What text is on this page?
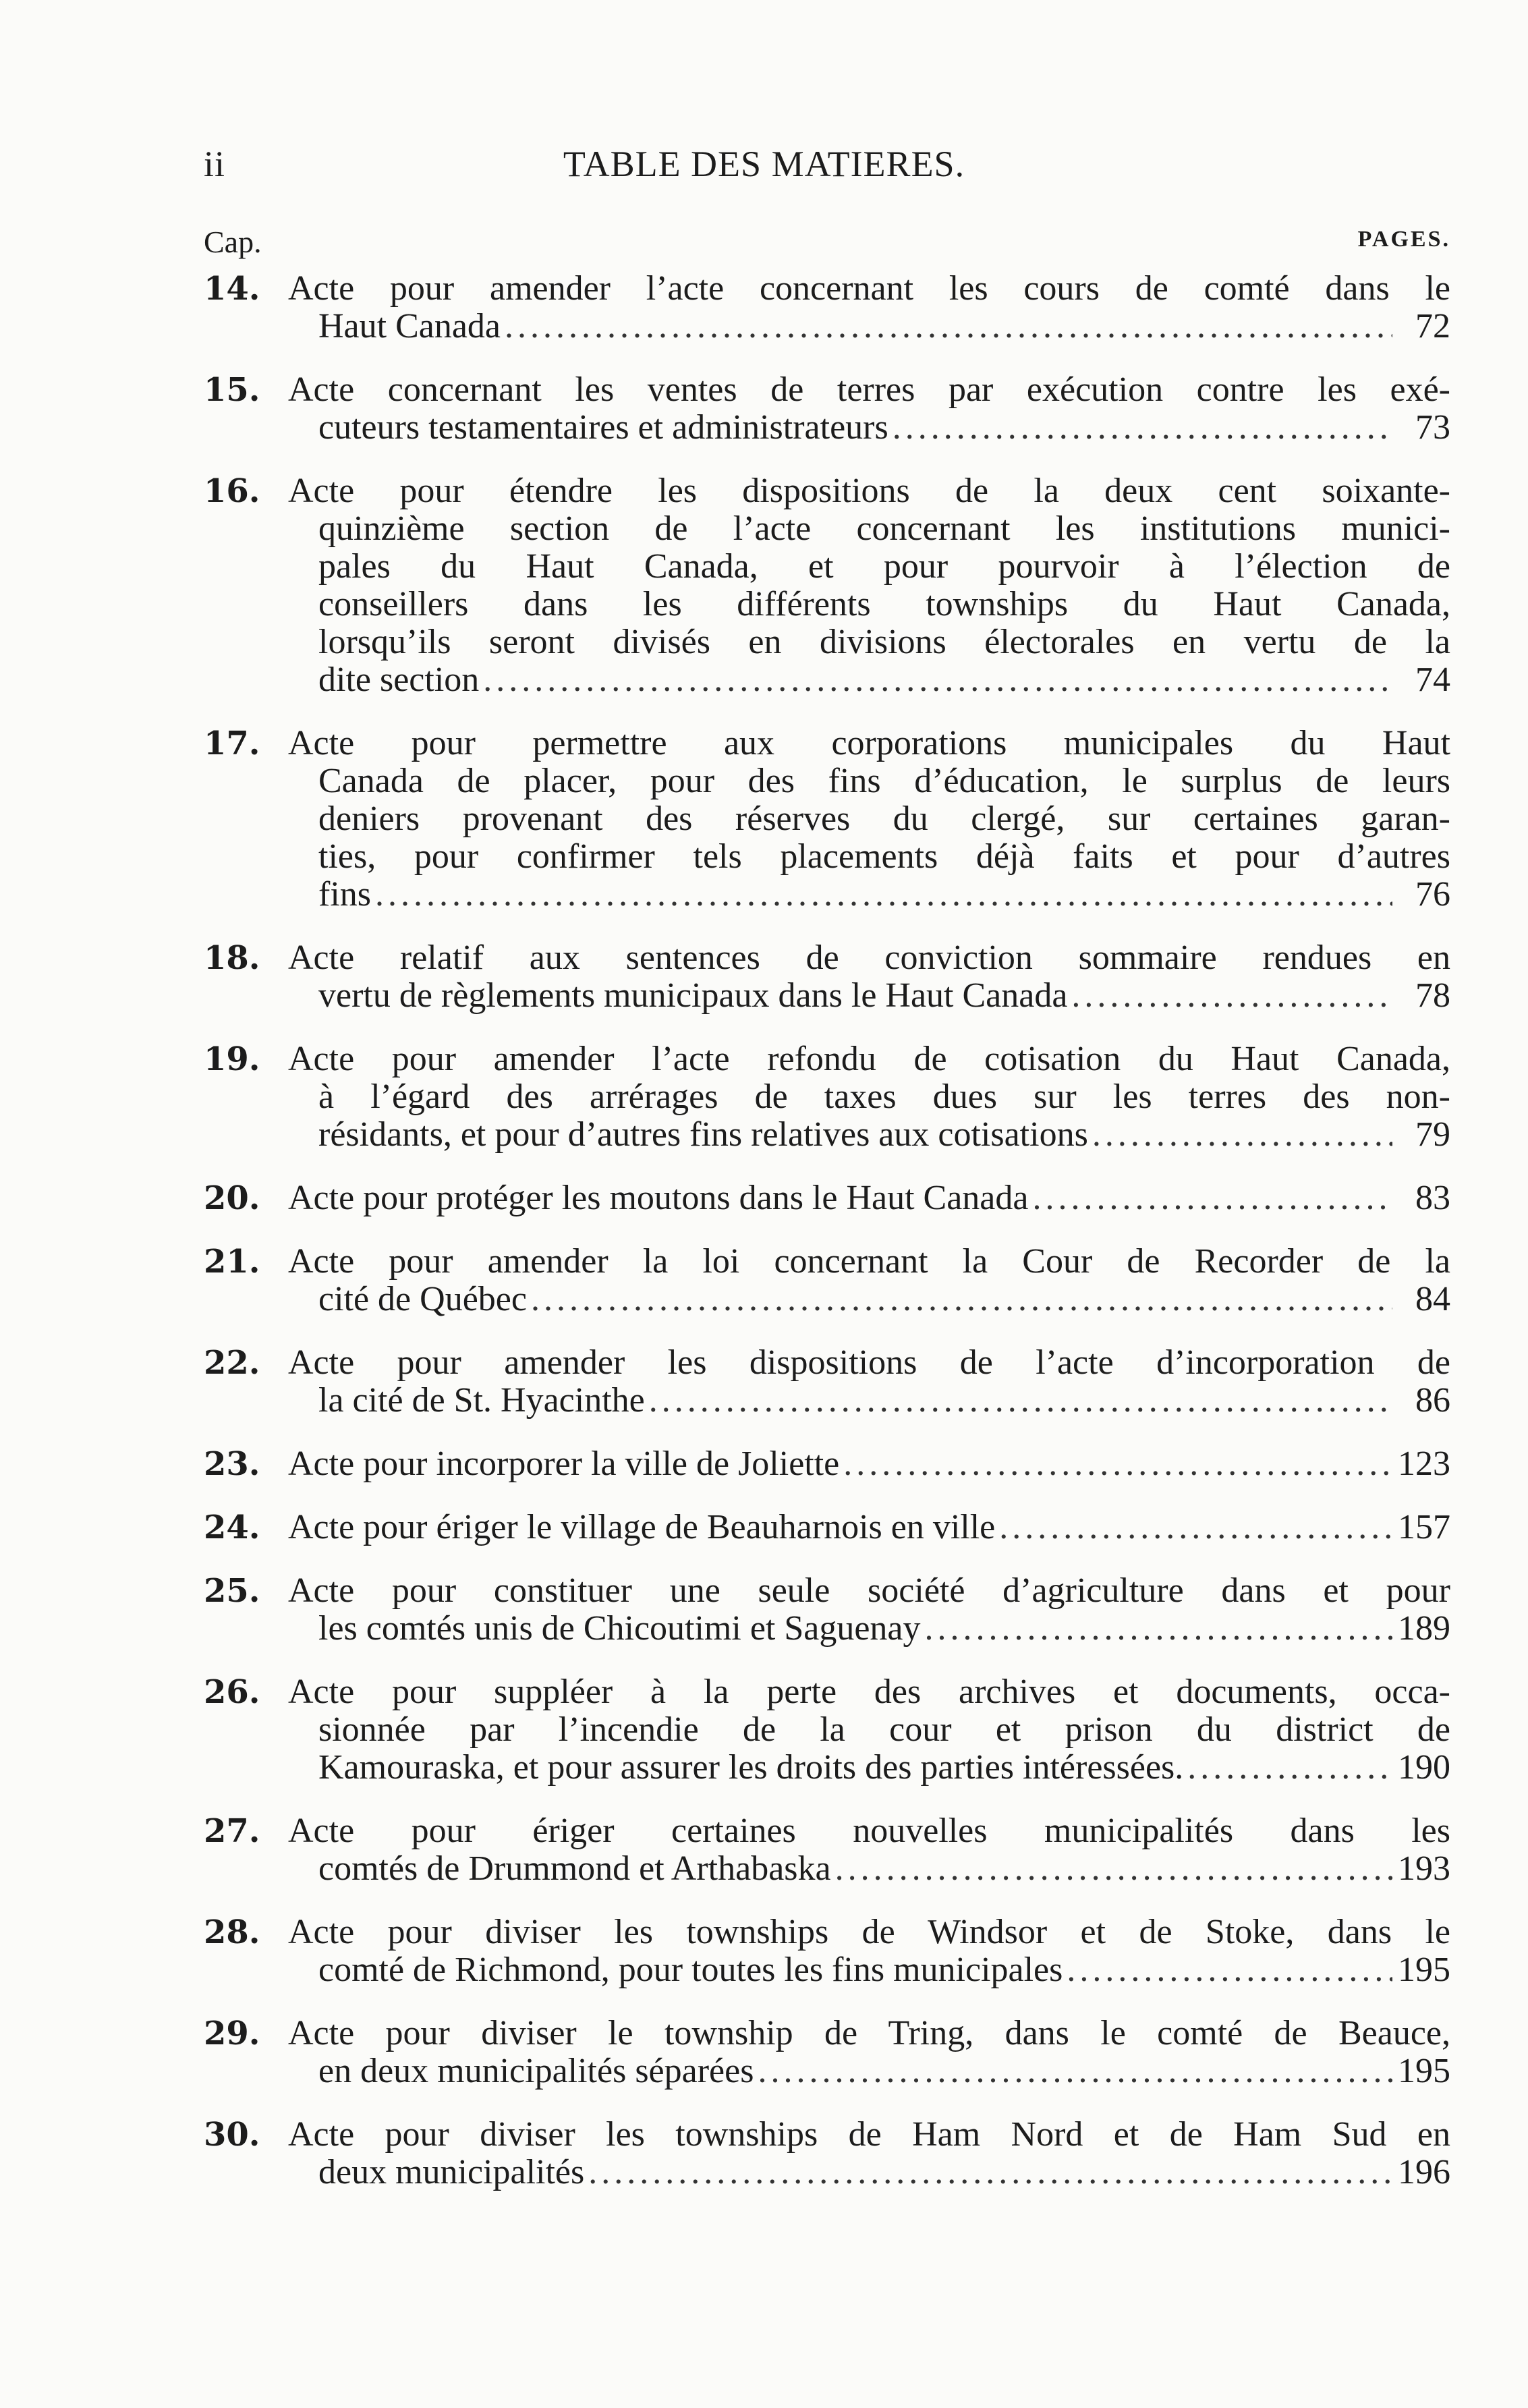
ii	TABLE DES MATIERES.
Cap.	PAGES.
14. Acte pour amender l’acte concernant les cours de comté dans le
Haut Canada .....	72
15. Acte concernant les ventes de terres par exécution contre les exé-
cuteurs testamentaires et administrateurs .....	73
16. Acte pour étendre les dispositions de la deux cent soixante-
quinzième section de l’acte concernant les institutions munici-
pales du Haut Canada, et pour pourvoir à l’élection de
conseillers dans les différents townships du Haut Canada,
lorsqu’ils seront divisés en divisions électorales en vertu de la
dite section .....	74
17. Acte pour permettre aux corporations municipales du Haut
Canada de placer, pour des fins d’éducation, le surplus de leurs
deniers provenant des réserves du clergé, sur certaines garan-
ties, pour confirmer tels placements déjà faits et pour d’autres
fins .....	76
18. Acte relatif aux sentences de conviction sommaire rendues en
vertu de règlements municipaux dans le Haut Canada .....	78
19. Acte pour amender l’acte refondu de cotisation du Haut Canada,
à l’égard des arrérages de taxes dues sur les terres des non-
résidants, et pour d’autres fins relatives aux cotisations .....	79
20. Acte pour protéger les moutons dans le Haut Canada .....	83
21. Acte pour amender la loi concernant la Cour de Recorder de la
cité de Québec .....	84
22. Acte pour amender les dispositions de l’acte d’incorporation de
la cité de St. Hyacinthe .....	86
23. Acte pour incorporer la ville de Joliette .....	123
24. Acte pour ériger le village de Beauharnois en ville .....	157
25. Acte pour constituer une seule société d’agriculture dans et pour
les comtés unis de Chicoutimi et Saguenay .....	189
26. Acte pour suppléer à la perte des archives et documents, occa-
sionnée par l’incendie de la cour et prison du district de
Kamouraska, et pour assurer les droits des parties intéressées. .....	190
27. Acte pour ériger certaines nouvelles municipalités dans les
comtés de Drummond et Arthabaska .....	193
28. Acte pour diviser les townships de Windsor et de Stoke, dans le
comté de Richmond, pour toutes les fins municipales .....	195
29. Acte pour diviser le township de Tring, dans le comté de Beauce,
en deux municipalités séparées .....	195
30. Acte pour diviser les townships de Ham Nord et de Ham Sud en
deux municipalités .....	196
